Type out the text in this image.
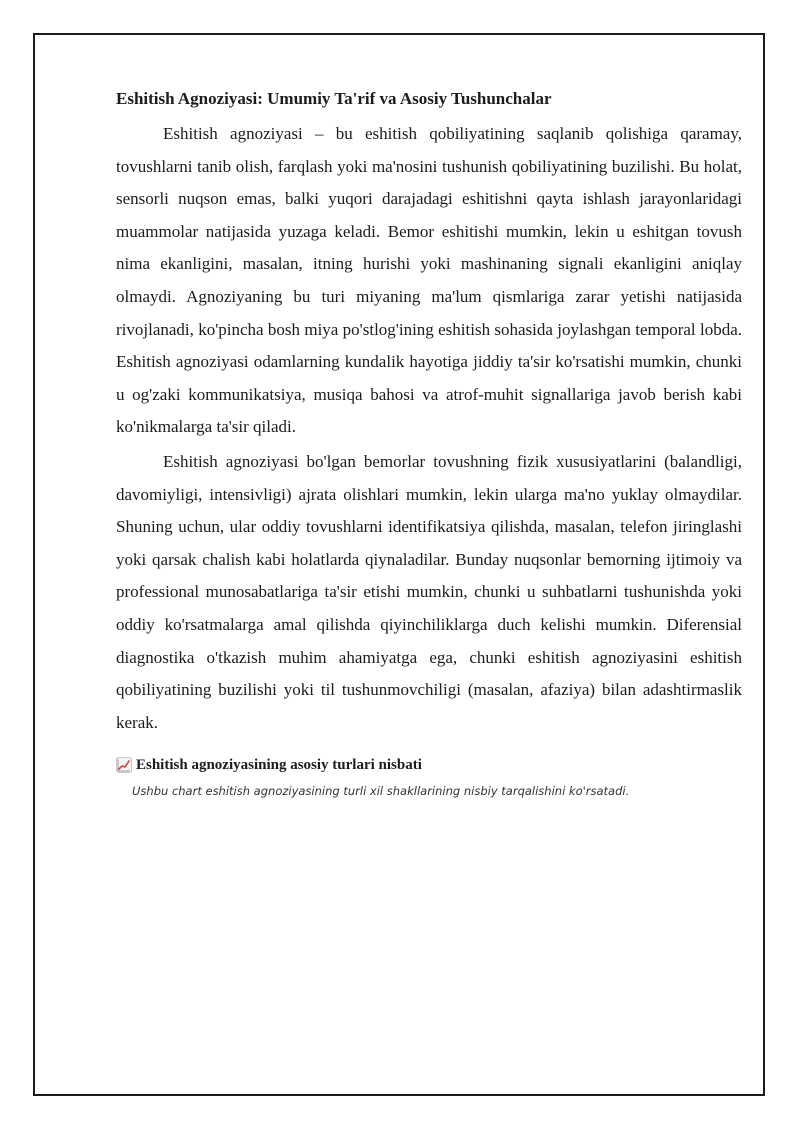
Eshitish Agnoziyasi: Umumiy Ta'rif va Asosiy Tushunchalar

Eshitish agnoziyasi – bu eshitish qobiliyatining saqlanib qolishiga qaramay, tovushlarni tanib olish, farqlash yoki ma'nosini tushunish qobiliyatining buzilishi. Bu holat, sensorli nuqson emas, balki yuqori darajadagi eshitishni qayta ishlash jarayonlaridagi muammolar natijasida yuzaga keladi. Bemor eshitishi mumkin, lekin u eshitgan tovush nima ekanligini, masalan, itning hurishi yoki mashinaning signali ekanligini aniqlay olmaydi. Agnoziyaning bu turi miyaning ma'lum qismlariga zarar yetishi natijasida rivojlanadi, ko'pincha bosh miya po'stlog'ining eshitish sohasida joylashgan temporal lobda. Eshitish agnoziyasi odamlarning kundalik hayotiga jiddiy ta'sir ko'rsatishi mumkin, chunki u og'zaki kommunikatsiya, musiqa bahosi va atrof-muhit signallariga javob berish kabi ko'nikmalarga ta'sir qiladi.

Eshitish agnoziyasi bo'lgan bemorlar tovushning fizik xususiyatlarini (balandligi, davomiyligi, intensivligi) ajrata olishlari mumkin, lekin ularga ma'no yuklay olmaydilar. Shuning uchun, ular oddiy tovushlarni identifikatsiya qilishda, masalan, telefon jiringlashi yoki qarsak chalish kabi holatlarda qiynaladilar. Bunday nuqsonlar bemorning ijtimoiy va professional munosabatlariga ta'sir etishi mumkin, chunki u suhbatlarni tushunishda yoki oddiy ko'rsatmalarga amal qilishda qiyinchiliklarga duch kelishi mumkin. Diferensial diagnostika o'tkazish muhim ahamiyatga ega, chunki eshitish agnoziyasini eshitish qobiliyatining buzilishi yoki til tushunmovchiligi (masalan, afaziya) bilan adashtirmaslik kerak.

Eshitish agnoziyasining asosiy turlari nisbati
Ushbu chart eshitish agnoziyasining turli xil shakllarining nisbiy tarqalishini ko'rsatadi.
